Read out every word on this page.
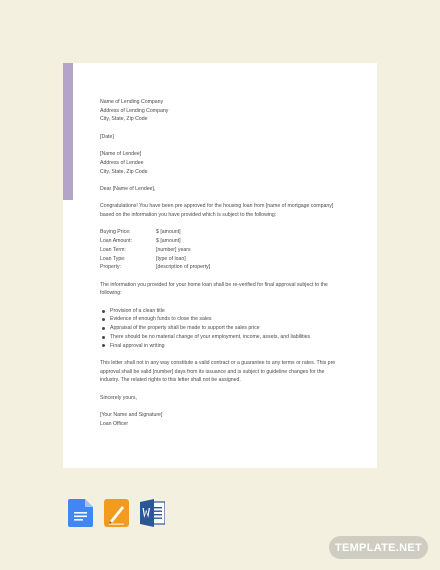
Name of Lending Company
Address of Lending Company
City, State, Zip Code
[Date]
[Name of Lendee]
Address of Lendee
City, State, Zip Code
Dear [Name of Lendee],
Congratulations! You have been pre approved for the housing loan from [name of mortgage company]
based on the information you have provided which is subject to the following:
Buying Price:	$ [amount]
Loan Amount:	$ [amount]
Loan Term:	[number] years
Loan Type:	[type of loan]
Property:	[description of property]
The information you provided for your home loan shall be re-verified for final approval subject to the
following:
Provision of a clean title
Evidence of enough funds to close the sales
Appraisal of the property shall be made to support the sales price
There should be no material change of your employment, income, assets, and liabilities
Final approval in writing
This letter shall not in any way constitute a valid contract or a guarantee to any terms or rates. This pre
approval shall be valid [number] days from its issuance and is subject to guideline changes for the
industry. The related rights to this letter shall not be assigned.
Sincerely yours,
[Your Name and Signature]
Loan Officer
TEMPLATE.NET
